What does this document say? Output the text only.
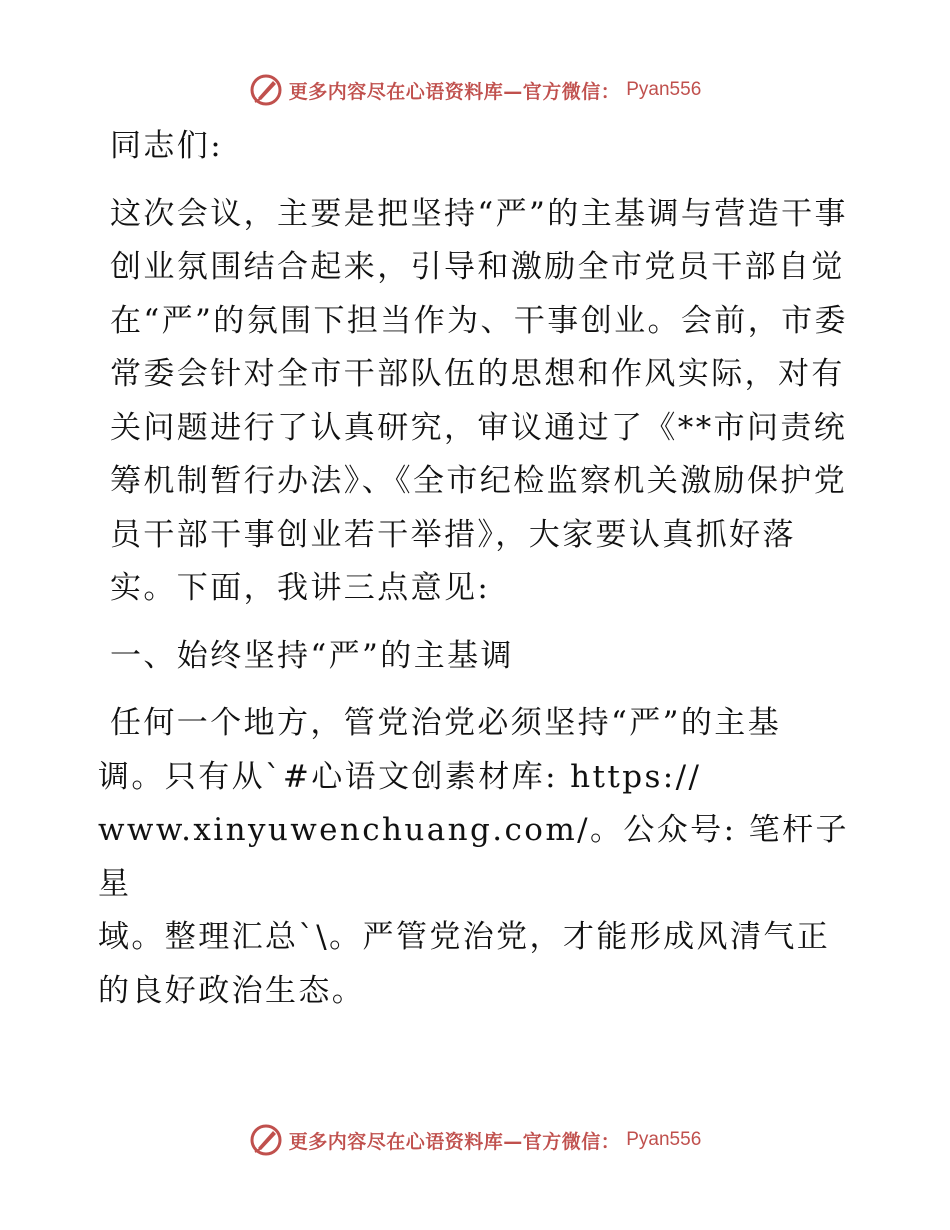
更多内容尽在心语资料库—官方微信： Pyan556

同志们:

这次会议，主要是把坚持“严”的主基调与营造干事创业氛围结合起来，引导和激励全市党员干部自觉在“严”的氛围下担当作为、干事创业。会前，市委常委会针对全市干部队伍的思想和作风实际，对有关问题进行了认真研究，审议通过了《**市问责统筹机制暂行办法》、《全市纪检监察机关激励保护党员干部干事创业若干举措》，大家要认真抓好落实。下面，我讲三点意见:

一、始终坚持“严”的主基调

任何一个地方，管党治党必须坚持“严”的主基

调。只有从`#心语文创素材库: https://

www.xinyuwenchuang.com/。公众号: 笔杆子星

域。整理汇总`\。严管党治党，才能形成风清气正

的良好政治生态。

更多内容尽在心语资料库—官方微信： Pyan556
